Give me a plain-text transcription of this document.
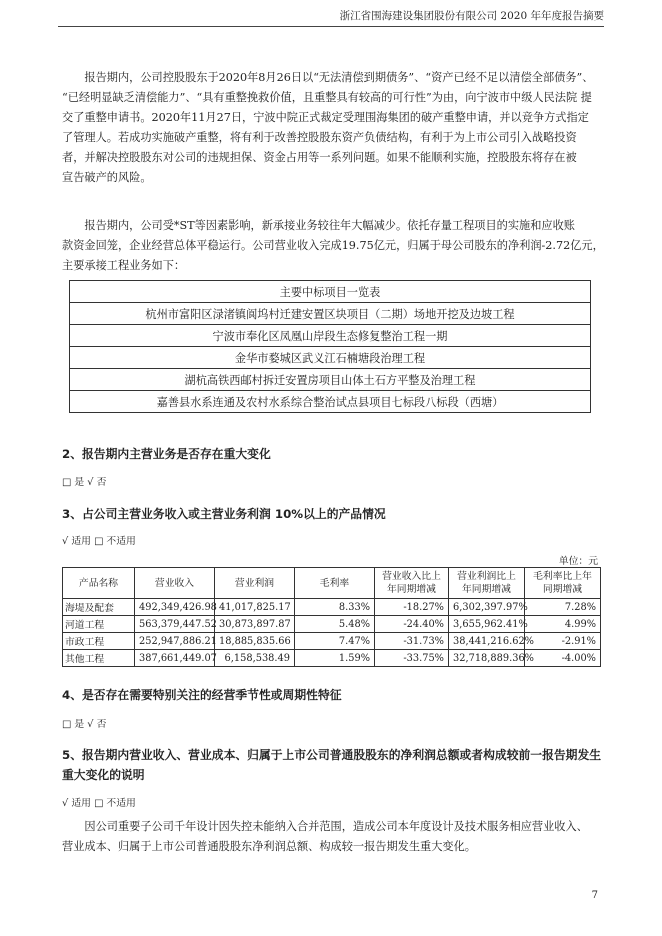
浙江省围海建设集团股份有限公司 2020 年年度报告摘要
报告期内，公司控股股东于2020年8月26日以“无法清偿到期债务”、“资产已经不足以清偿全部债务”、
“已经明显缺乏清偿能力”、“具有重整挽救价值，且重整具有较高的可行性”为由，向宁波市中级人民法院 提
交了重整申请书。2020年11月27日，宁波中院正式裁定受理围海集团的破产重整申请，并以竞争方式指定
了管理人。若成功实施破产重整，将有利于改善控股股东资产负债结构，有利于为上市公司引入战略投资
者，并解决控股股东对公司的违规担保、资金占用等一系列问题。如果不能顺利实施，控股股东将存在被
宣告破产的风险。
报告期内，公司受*ST等因素影响，新承接业务较往年大幅减少。依托存量工程项目的实施和应收账
款资金回笼，企业经营总体平稳运行。公司营业收入完成19.75亿元，归属于母公司股东的净利润-2.72亿元，
主要承接工程业务如下：
主要中标项目一览表
杭州市富阳区渌渚镇阆坞村迁建安置区块项目（二期）场地开挖及边坡工程
宁波市奉化区凤凰山岸段生态修复整治工程一期
金华市婺城区武义江石楠塘段治理工程
湖杭高铁西邮村拆迁安置房项目山体土石方平整及治理工程
嘉善县水系连通及农村水系综合整治试点县项目七标段八标段（西塘）
2、报告期内主营业务是否存在重大变化
□ 是 √ 否
3、占公司主营业务收入或主营业务利润 10%以上的产品情况
√ 适用 □ 不适用
单位：元
产品名称	营业收入	营业利润	毛利率	营业收入比上年同期增减	营业利润比上年同期增减	毛利率比上年同期增减
海堤及配套	492,349,426.98	41,017,825.17	8.33%	-18.27%	6,302,397.97%	7.28%
河道工程	563,379,447.52	30,873,897.87	5.48%	-24.40%	3,655,962.41%	4.99%
市政工程	252,947,886.21	18,885,835.66	7.47%	-31.73%	38,441,216.62%	-2.91%
其他工程	387,661,449.07	6,158,538.49	1.59%	-33.75%	32,718,889.36%	-4.00%
4、是否存在需要特别关注的经营季节性或周期性特征
□ 是 √ 否
5、报告期内营业收入、营业成本、归属于上市公司普通股股东的净利润总额或者构成较前一报告期发生
重大变化的说明
√ 适用 □ 不适用
因公司重要子公司千年设计因失控未能纳入合并范围，造成公司本年度设计及技术服务相应营业收入、
营业成本、归属于上市公司普通股股东净利润总额、构成较一报告期发生重大变化。
7
